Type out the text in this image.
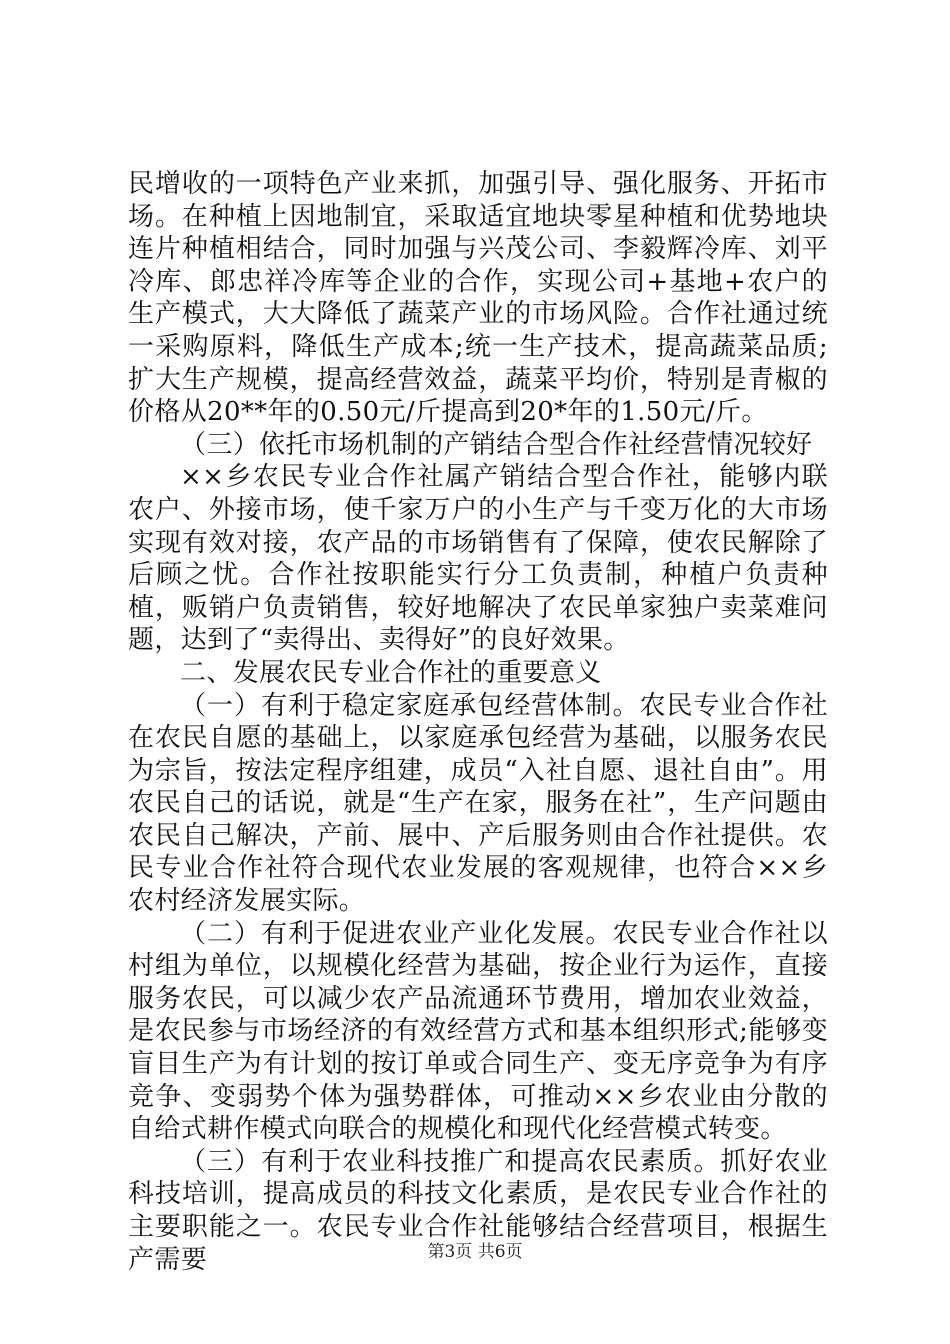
民增收的一项特色产业来抓，加强引导、强化服务、开拓市场。在种植上因地制宜，采取适宜地块零星种植和优势地块连片种植相结合，同时加强与兴茂公司、李毅辉冷库、刘平冷库、郎忠祥冷库等企业的合作，实现公司+基地+农户的生产模式，大大降低了蔬菜产业的市场风险。合作社通过统一采购原料，降低生产成本;统一生产技术，提高蔬菜品质;扩大生产规模，提高经营效益，蔬菜平均价，特别是青椒的价格从20**年的0.50元/斤提高到20*年的1.50元/斤。

（三）依托市场机制的产销结合型合作社经营情况较好

××乡农民专业合作社属产销结合型合作社，能够内联农户、外接市场，使千家万户的小生产与千变万化的大市场实现有效对接，农产品的市场销售有了保障，使农民解除了后顾之忧。合作社按职能实行分工负责制，种植户负责种植，贩销户负责销售，较好地解决了农民单家独户卖菜难问题，达到了“卖得出、卖得好”的良好效果。

二、发展农民专业合作社的重要意义

（一）有利于稳定家庭承包经营体制。农民专业合作社在农民自愿的基础上，以家庭承包经营为基础，以服务农民为宗旨，按法定程序组建，成员“入社自愿、退社自由”。用农民自己的话说，就是“生产在家，服务在社”，生产问题由农民自己解决，产前、展中、产后服务则由合作社提供。农民专业合作社符合现代农业发展的客观规律，也符合××乡农村经济发展实际。

（二）有利于促进农业产业化发展。农民专业合作社以村组为单位，以规模化经营为基础，按企业行为运作，直接服务农民，可以减少农产品流通环节费用，增加农业效益，是农民参与市场经济的有效经营方式和基本组织形式;能够变盲目生产为有计划的按订单或合同生产、变无序竞争为有序竞争、变弱势个体为强势群体，可推动××乡农业由分散的自给式耕作模式向联合的规模化和现代化经营模式转变。

（三）有利于农业科技推广和提高农民素质。抓好农业科技培训，提高成员的科技文化素质，是农民专业合作社的主要职能之一。农民专业合作社能够结合经营项目，根据生产需要	第3页 共6页
